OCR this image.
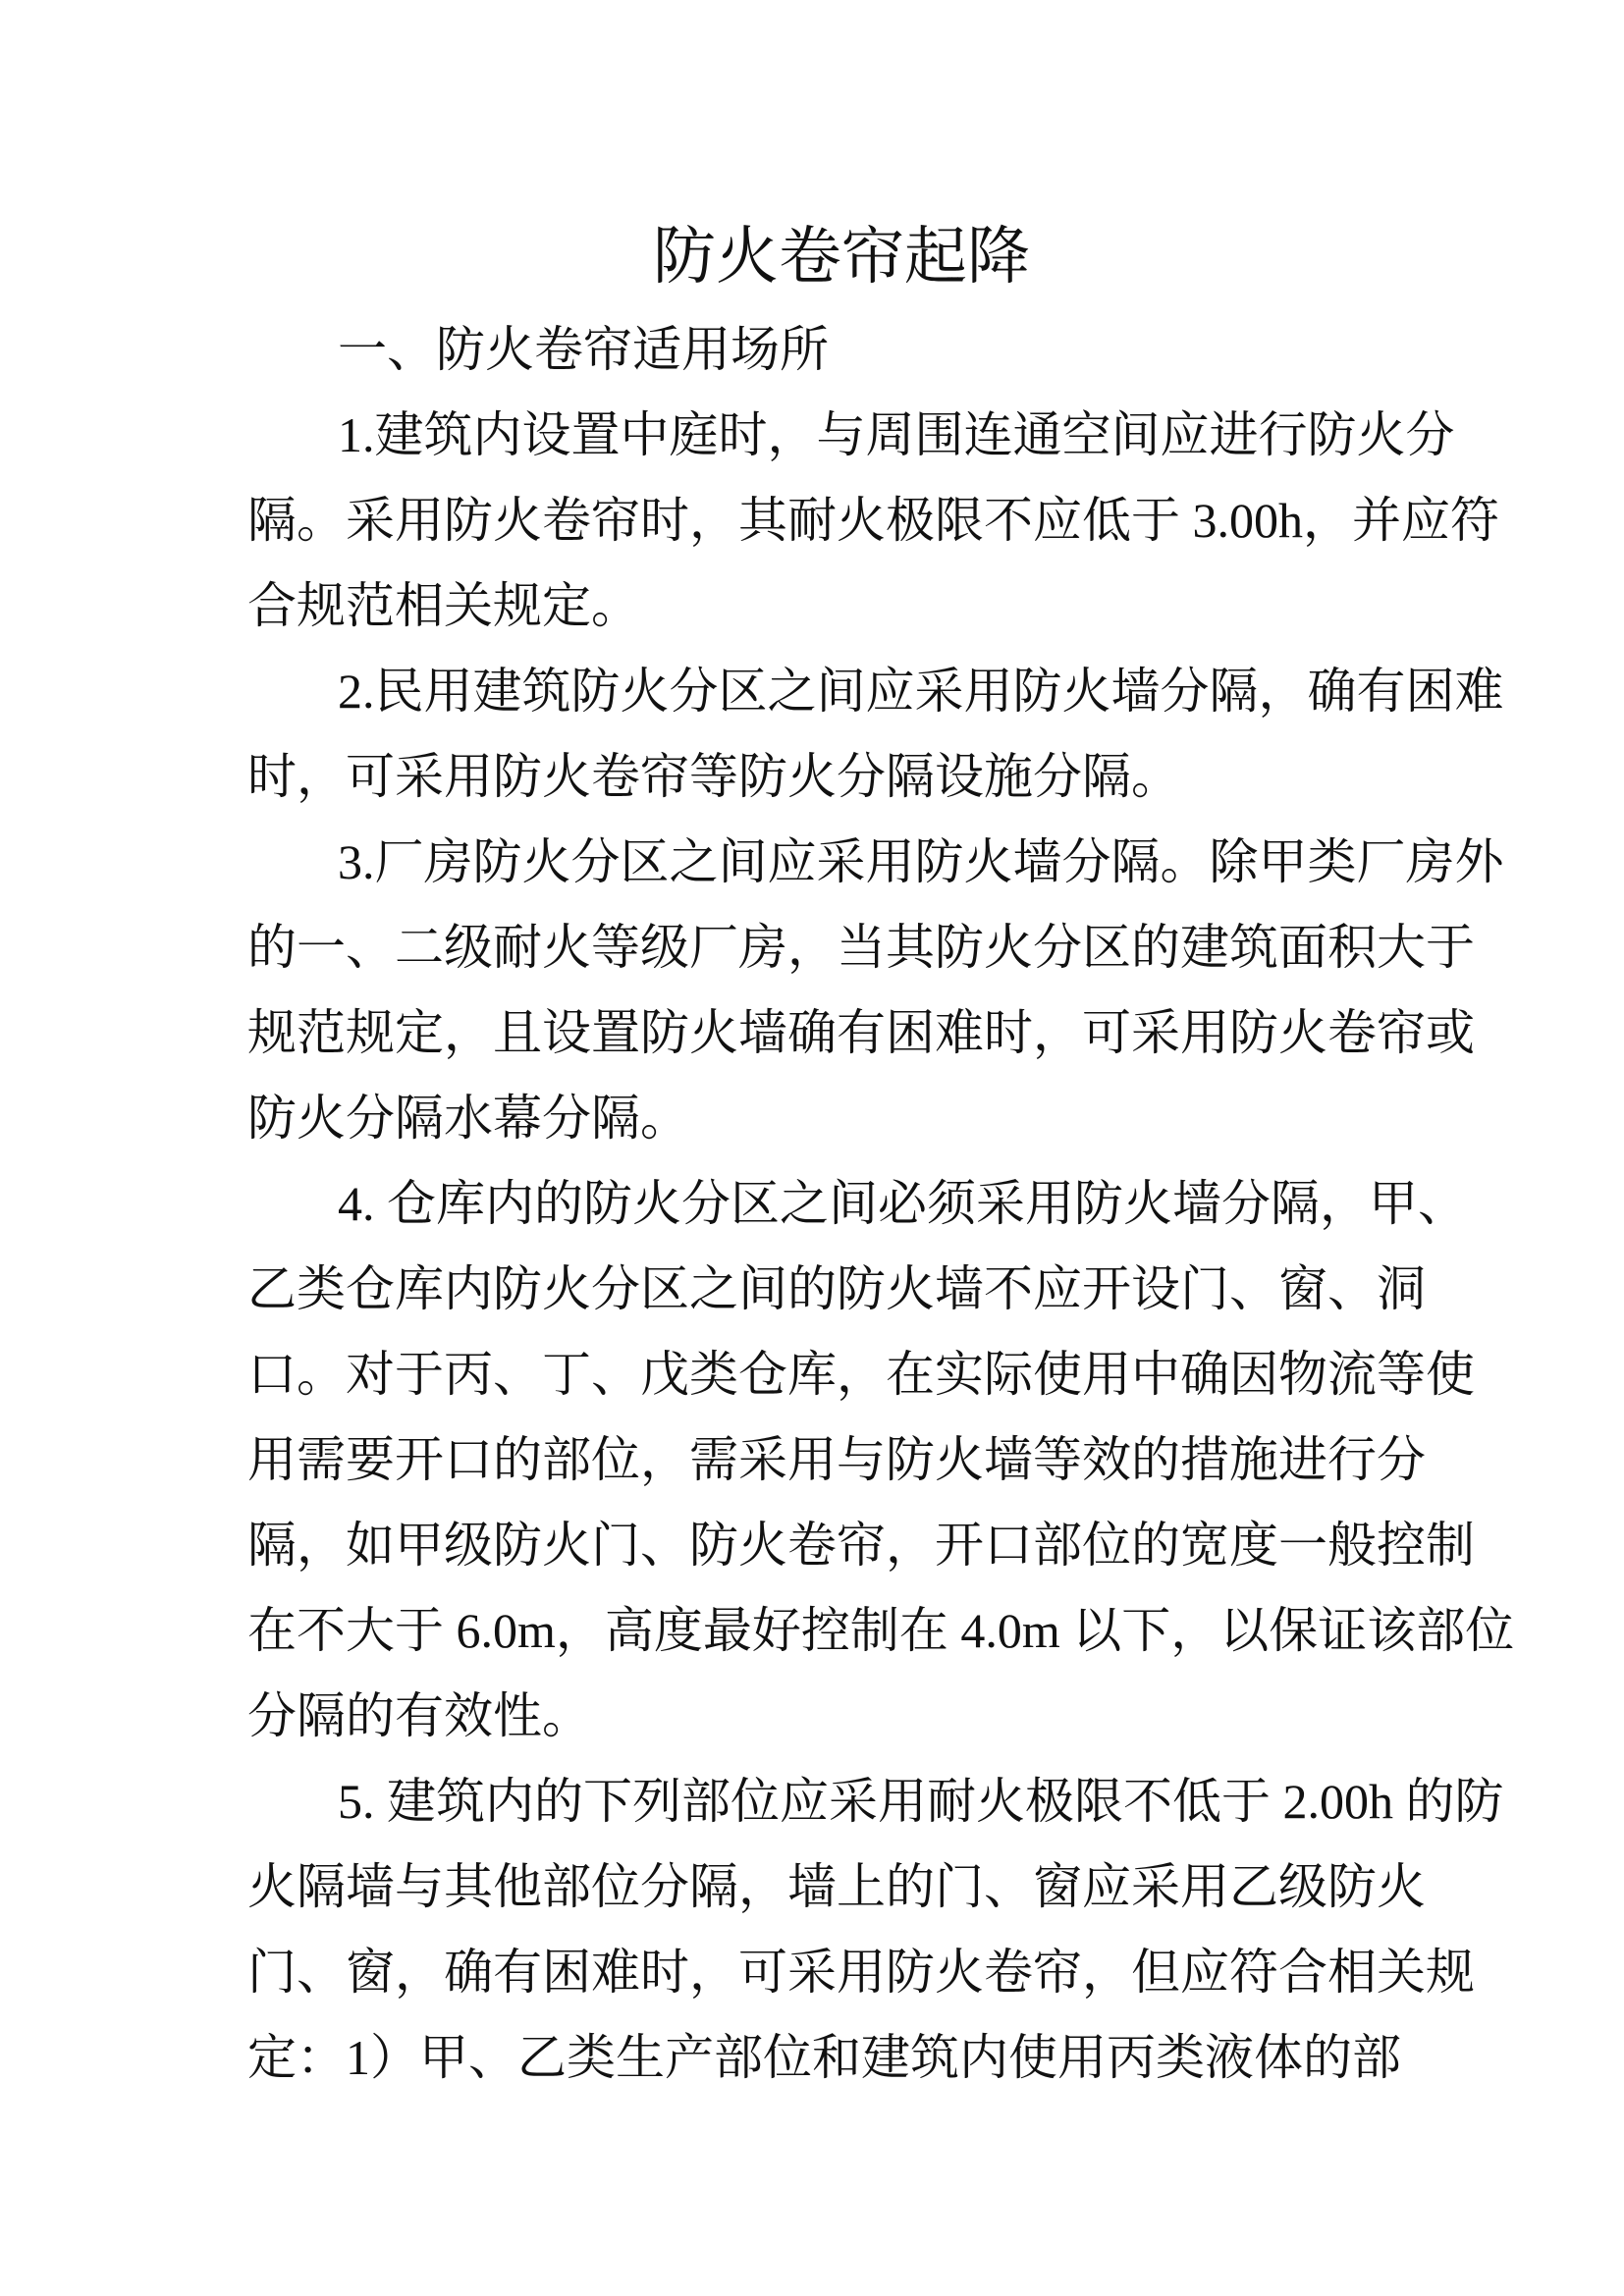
防火卷帘起降
一、防火卷帘适用场所
1.建筑内设置中庭时，与周围连通空间应进行防火分
隔。采用防火卷帘时，其耐火极限不应低于 3.00h，并应符
合规范相关规定。
2.民用建筑防火分区之间应采用防火墙分隔，确有困难
时，可采用防火卷帘等防火分隔设施分隔。
3.厂房防火分区之间应采用防火墙分隔。除甲类厂房外
的一、二级耐火等级厂房，当其防火分区的建筑面积大于
规范规定，且设置防火墙确有困难时，可采用防火卷帘或
防火分隔水幕分隔。
4. 仓库内的防火分区之间必须采用防火墙分隔，甲、
乙类仓库内防火分区之间的防火墙不应开设门、窗、洞
口。对于丙、丁、戊类仓库，在实际使用中确因物流等使
用需要开口的部位，需采用与防火墙等效的措施进行分
隔，如甲级防火门、防火卷帘，开口部位的宽度一般控制
在不大于 6.0m，高度最好控制在 4.0m 以下，以保证该部位
分隔的有效性。
5. 建筑内的下列部位应采用耐火极限不低于 2.00h 的防
火隔墙与其他部位分隔，墙上的门、窗应采用乙级防火
门、窗，确有困难时，可采用防火卷帘，但应符合相关规
定：1）甲、乙类生产部位和建筑内使用丙类液体的部
